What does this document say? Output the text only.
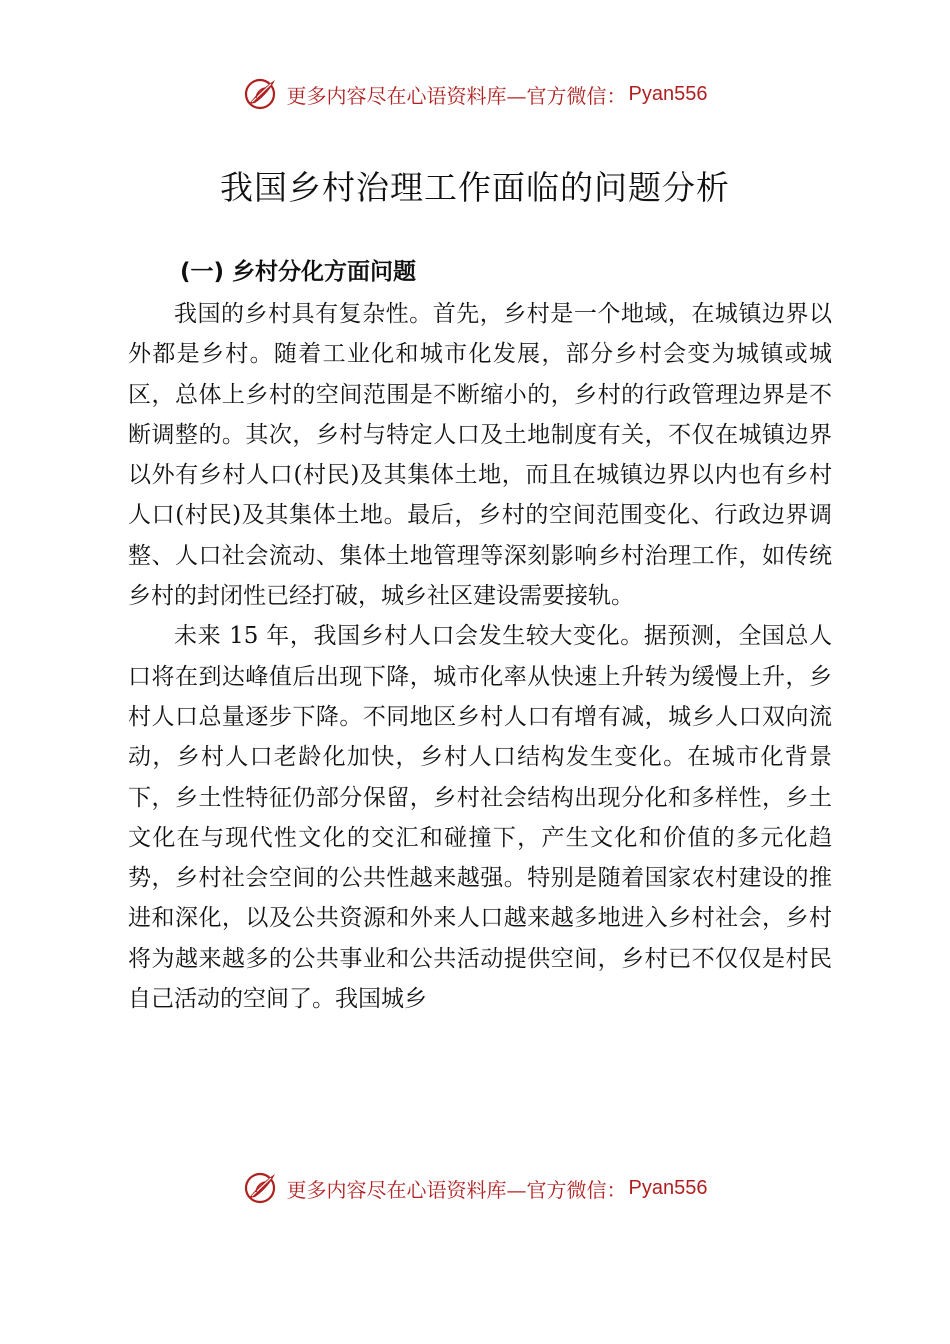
更多内容尽在心语资料库—官方微信： Pyan556
我国乡村治理工作面临的问题分析
(一) 乡村分化方面问题

我国的乡村具有复杂性。首先，乡村是一个地域，在城镇边界以外都是乡村。随着工业化和城市化发展，部分乡村会变为城镇或城区，总体上乡村的空间范围是不断缩小的，乡村的行政管理边界是不断调整的。其次，乡村与特定人口及土地制度有关，不仅在城镇边界以外有乡村人口(村民)及其集体土地，而且在城镇边界以内也有乡村人口(村民)及其集体土地。最后，乡村的空间范围变化、行政边界调整、人口社会流动、集体土地管理等深刻影响乡村治理工作，如传统乡村的封闭性已经打破，城乡社区建设需要接轨。

未来 15 年，我国乡村人口会发生较大变化。据预测，全国总人口将在到达峰值后出现下降，城市化率从快速上升转为缓慢上升，乡村人口总量逐步下降。不同地区乡村人口有增有减，城乡人口双向流动，乡村人口老龄化加快，乡村人口结构发生变化。在城市化背景下，乡土性特征仍部分保留，乡村社会结构出现分化和多样性，乡土文化在与现代性文化的交汇和碰撞下，产生文化和价值的多元化趋势，乡村社会空间的公共性越来越强。特别是随着国家农村建设的推进和深化，以及公共资源和外来人口越来越多地进入乡村社会，乡村将为越来越多的公共事业和公共活动提供空间，乡村已不仅仅是村民自己活动的空间了。我国城乡

更多内容尽在心语资料库—官方微信： Pyan556
